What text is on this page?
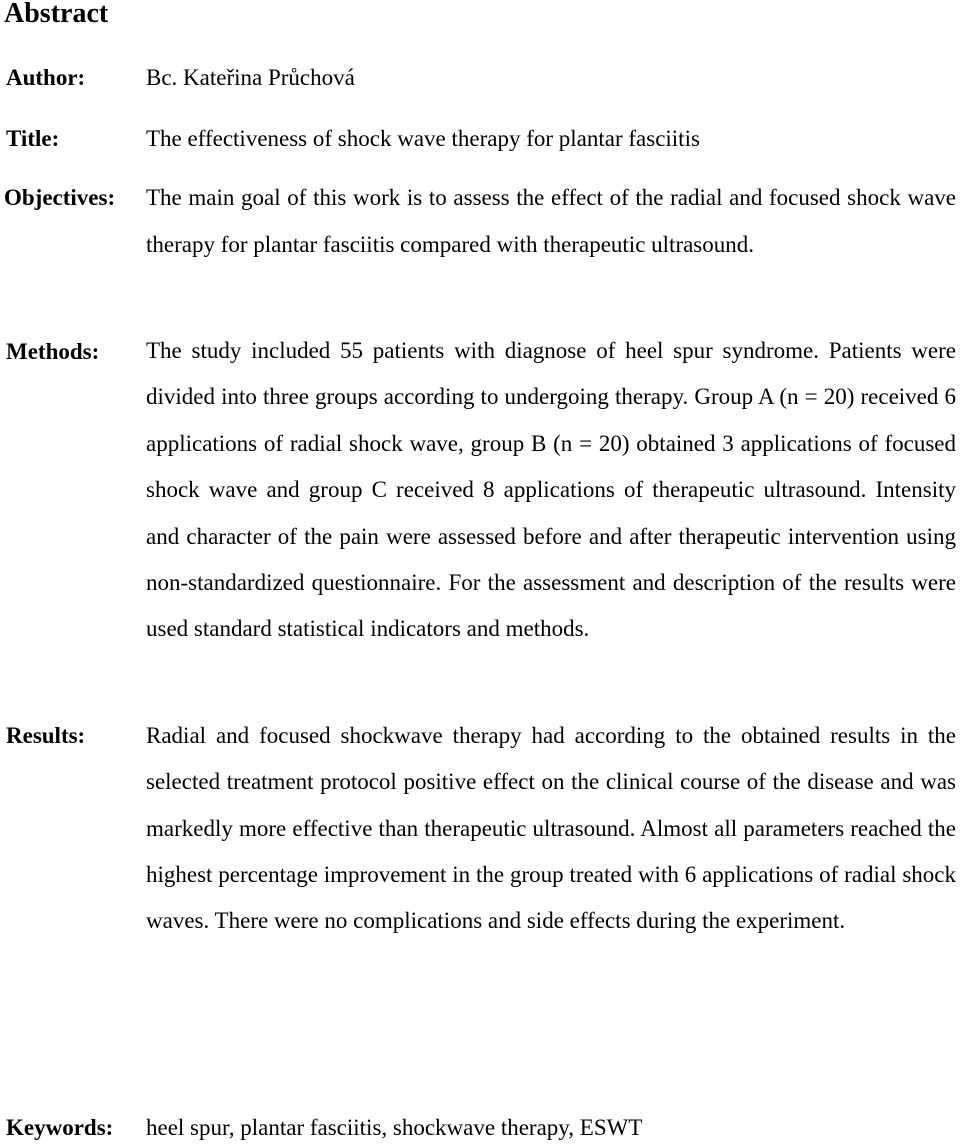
Abstract
Author:	Bc. Kateřina Průchová
Title:	The effectiveness of shock wave therapy for plantar fasciitis
Objectives: The main goal of this work is to assess the effect of the radial and focused shock wave therapy for plantar fasciitis compared with therapeutic ultrasound.

Methods: The study included 55 patients with diagnose of heel spur syndrome. Patients were divided into three groups according to undergoing therapy. Group A (n = 20) received 6 applications of radial shock wave, group B (n = 20) obtained 3 applications of focused shock wave and group C received 8 applications of therapeutic ultrasound. Intensity and character of the pain were assessed before and after therapeutic intervention using non-standardized questionnaire. For the assessment and description of the results were used standard statistical indicators and methods.

Results:	Radial and focused shockwave therapy had according to the obtained results in the selected treatment protocol positive effect on the clinical course of the disease and was markedly more effective than therapeutic ultrasound. Almost all parameters reached the highest percentage improvement in the group treated with 6 applications of radial shock waves. There were no complications and side effects during the experiment.

Keywords: heel spur, plantar fasciitis, shockwave therapy, ESWT
